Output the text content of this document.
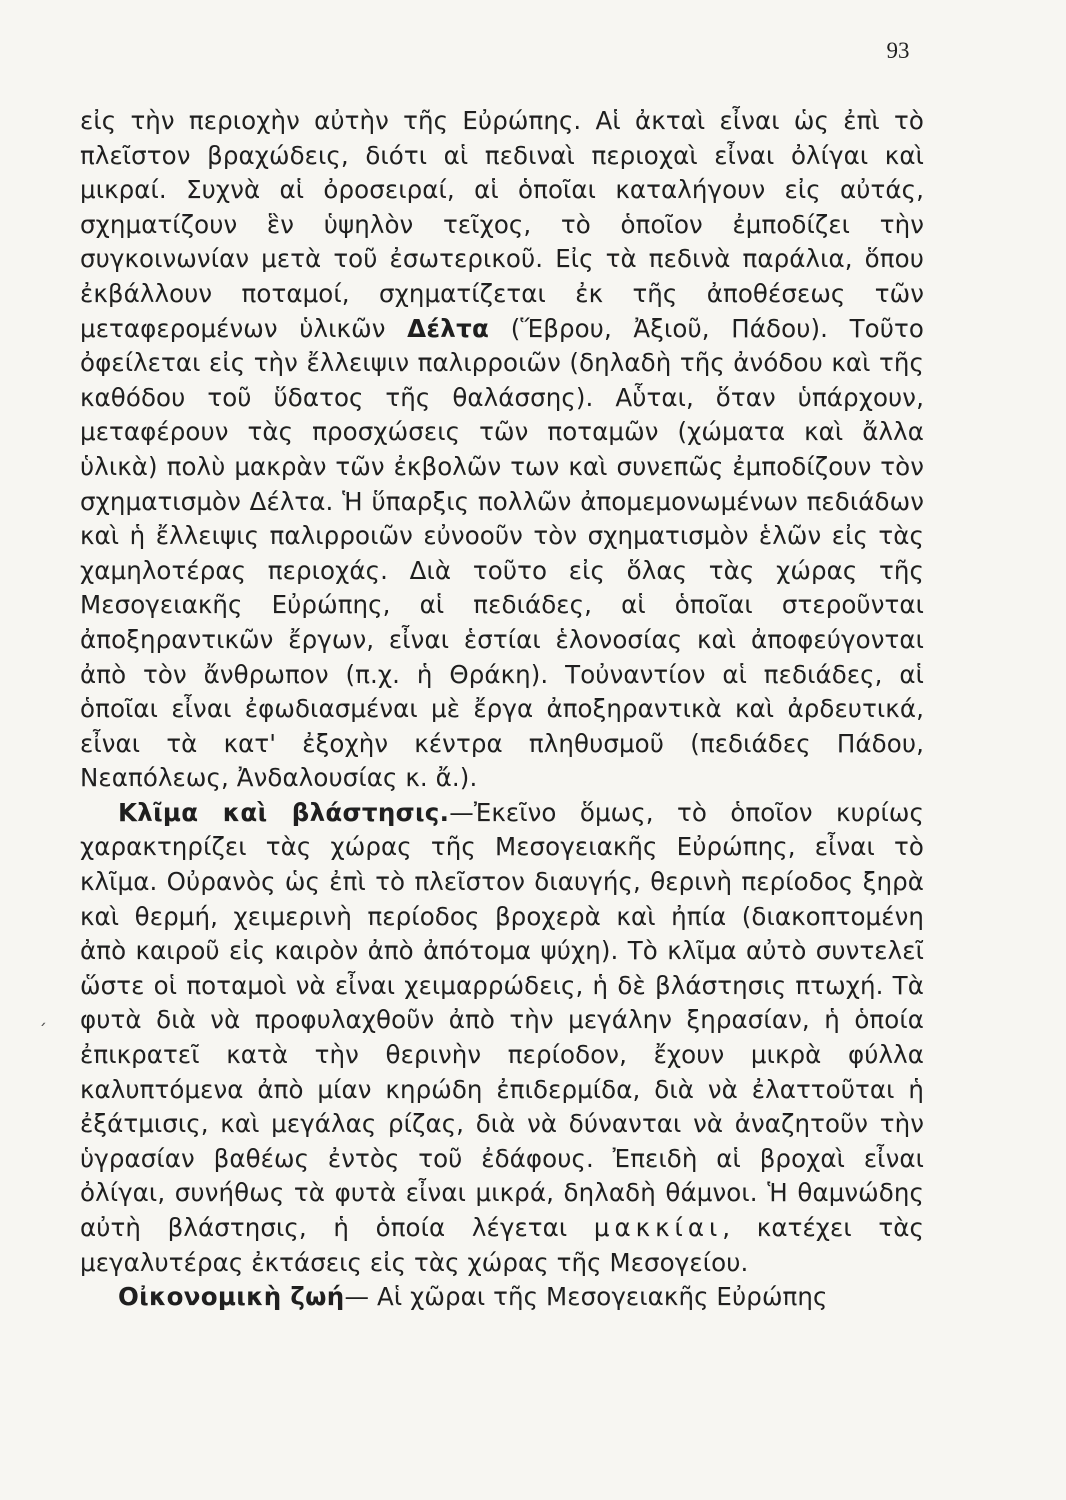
93
ˏ

εἰς τὴν περιοχὴν αὐτὴν τῆς Εὐρώπης. Αἱ ἀκταὶ εἶναι ὡς ἐπὶ τὸ πλεῖστον βραχώδεις, διότι αἱ πεδιναὶ περιοχαὶ εἶναι ὀλίγαι καὶ μικραί. Συχνὰ αἱ ὀροσειραί, αἱ ὁποῖαι καταλήγουν εἰς αὐτάς, σχηματίζουν ἓν ὑψηλὸν τεῖχος, τὸ ὁποῖον ἐμποδίζει τὴν συγκοινωνίαν μετὰ τοῦ ἐσωτερικοῦ. Εἰς τὰ πεδινὰ παράλια, ὅπου ἐκβάλλουν ποταμοί, σχηματίζεται ἐκ τῆς ἀποθέσεως τῶν μεταφερομένων ὑλικῶν Δέλτα (Ἕβρου, Ἀξιοῦ, Πάδου). Τοῦτο ὀφείλεται εἰς τὴν ἔλλειψιν παλιρροιῶν (δηλαδὴ τῆς ἀνόδου καὶ τῆς καθόδου τοῦ ὕδατος τῆς θαλάσσης). Αὗται, ὅταν ὑπάρχουν, μεταφέρουν τὰς προσχώσεις τῶν ποταμῶν (χώματα καὶ ἄλλα ὑλικὰ) πολὺ μακρὰν τῶν ἐκβολῶν των καὶ συνεπῶς ἐμποδίζουν τὸν σχηματισμὸν Δέλτα. Ἡ ὕπαρξις πολλῶν ἀπομεμονωμένων πεδιάδων καὶ ἡ ἔλλειψις παλιρροιῶν εὐνοοῦν τὸν σχηματισμὸν ἑλῶν εἰς τὰς χαμηλοτέρας περιοχάς. Διὰ τοῦτο εἰς ὅλας τὰς χώρας τῆς Μεσογειακῆς Εὐρώπης, αἱ πεδιάδες, αἱ ὁποῖαι στεροῦνται ἀποξηραντικῶν ἔργων, εἶναι ἑστίαι ἑλονοσίας καὶ ἀποφεύγονται ἀπὸ τὸν ἄνθρωπον (π.χ. ἡ Θράκη). Τοὐναντίον αἱ πεδιάδες, αἱ ὁποῖαι εἶναι ἐφωδιασμέναι μὲ ἔργα ἀποξηραντικὰ καὶ ἀρδευτικά, εἶναι τὰ κατ' ἐξοχὴν κέντρα πληθυσμοῦ (πεδιάδες Πάδου, Νεαπόλεως, Ἀνδαλουσίας κ. ἄ.).

Κλῖμα καὶ βλάστησις.—Ἐκεῖνο ὅμως, τὸ ὁποῖον κυρίως χαρακτηρίζει τὰς χώρας τῆς Μεσογειακῆς Εὐρώπης, εἶναι τὸ κλῖμα. Οὐρανὸς ὡς ἐπὶ τὸ πλεῖστον διαυγής, θερινὴ περίοδος ξηρὰ καὶ θερμή, χειμερινὴ περίοδος βροχερὰ καὶ ἠπία (διακοπτομένη ἀπὸ καιροῦ εἰς καιρὸν ἀπὸ ἀπότομα ψύχη). Τὸ κλῖμα αὐτὸ συντελεῖ ὥστε οἱ ποταμοὶ νὰ εἶναι χειμαρρώδεις, ἡ δὲ βλάστησις πτωχή. Τὰ φυτὰ διὰ νὰ προφυλαχθοῦν ἀπὸ τὴν μεγάλην ξηρασίαν, ἡ ὁποία ἐπικρατεῖ κατὰ τὴν θερινὴν περίοδον, ἔχουν μικρὰ φύλλα καλυπτόμενα ἀπὸ μίαν κηρώδη ἐπιδερμίδα, διὰ νὰ ἐλαττοῦται ἡ ἐξάτμισις, καὶ μεγάλας ρίζας, διὰ νὰ δύνανται νὰ ἀναζητοῦν τὴν ὑγρασίαν βαθέως ἐντὸς τοῦ ἐδάφους. Ἐπειδὴ αἱ βροχαὶ εἶναι ὀλίγαι, συνήθως τὰ φυτὰ εἶναι μικρά, δηλαδὴ θάμνοι. Ἡ θαμνώδης αὐτὴ βλάστησις, ἡ ὁποία λέγεται μακκίαι, κατέχει τὰς μεγαλυτέρας ἐκτάσεις εἰς τὰς χώρας τῆς Μεσογείου.

Οἰκονομικὴ ζωή— Αἱ χῶραι τῆς Μεσογειακῆς Εὐρώπης
